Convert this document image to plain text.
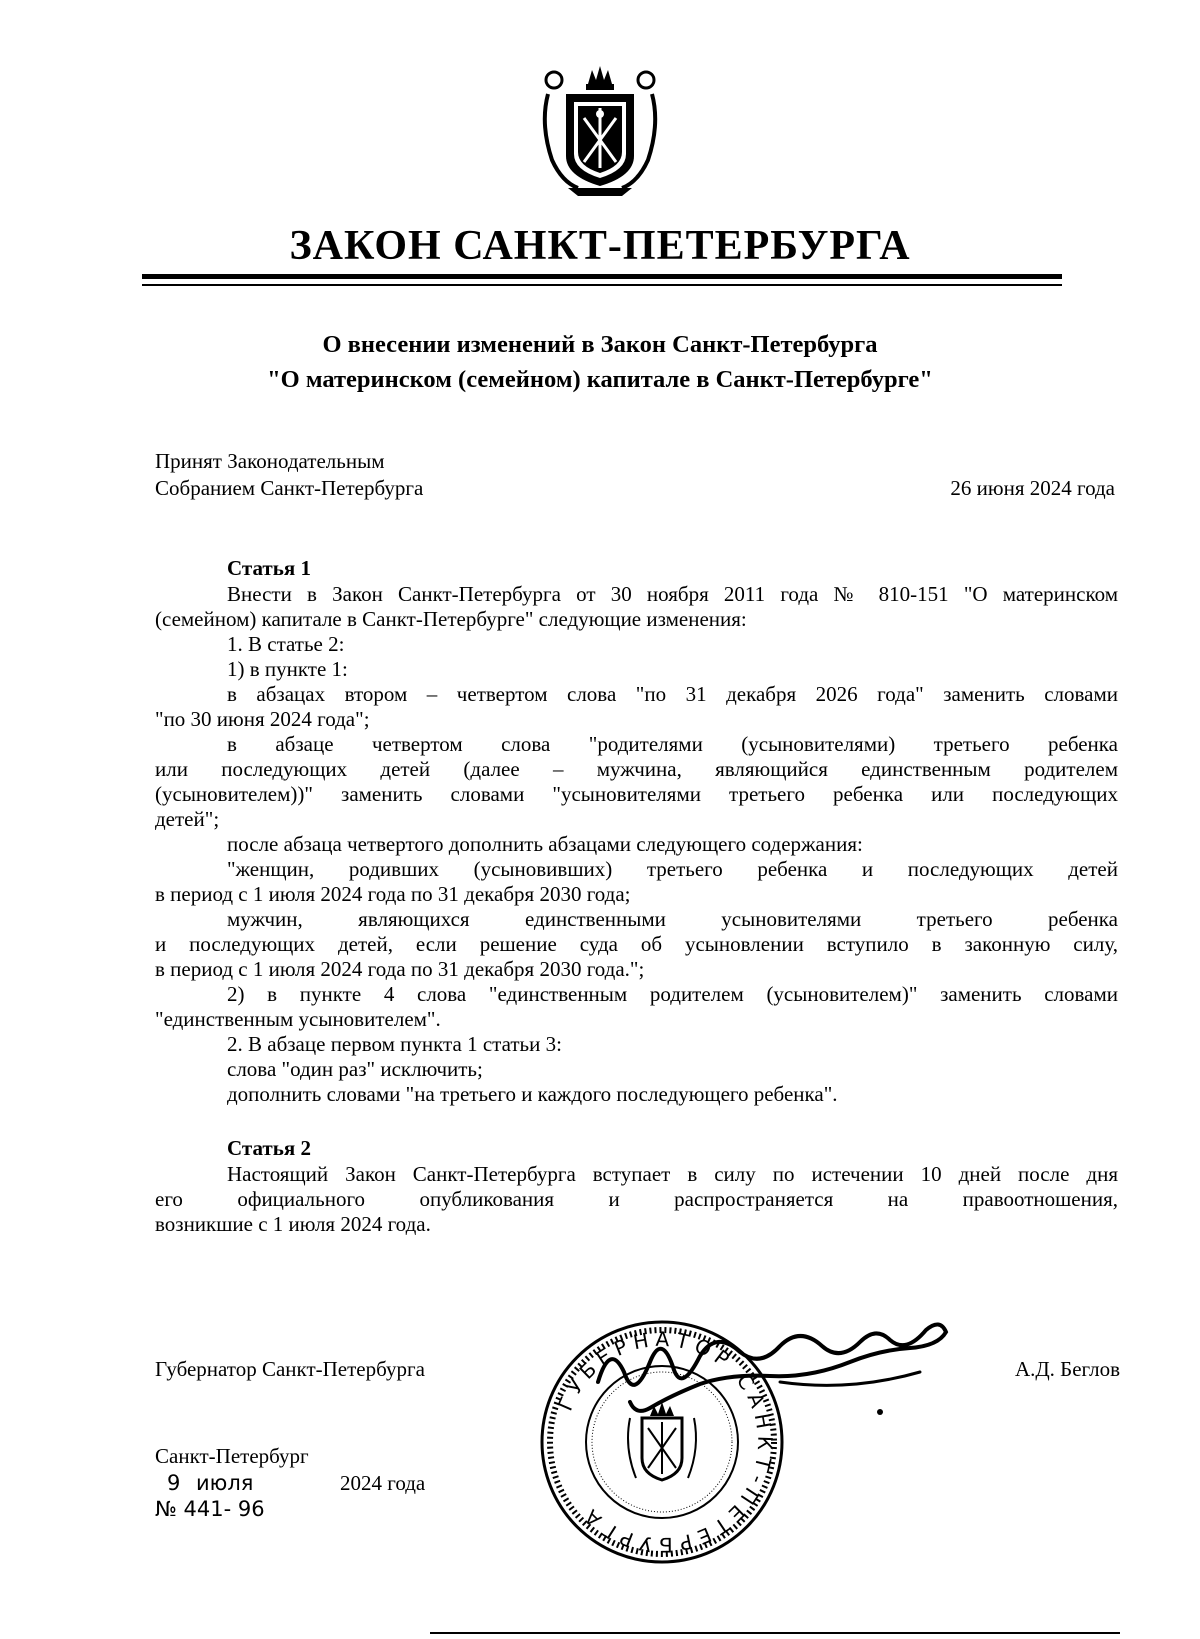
ЗАКОН САНКТ-ПЕТЕРБУРГА
О внесении изменений в Закон Санкт-Петербурга
"О материнском (семейном) капитале в Санкт-Петербурге"
Принят Законодательным
Собранием Санкт-Петербурга	26 июня 2024 года
Статья 1
Внести в Закон Санкт-Петербурга от 30 ноября 2011 года № 810-151 "О материнском
(семейном) капитале в Санкт-Петербурге" следующие изменения:
1. В статье 2:
1) в пункте 1:
в абзацах втором – четвертом слова "по 31 декабря 2026 года" заменить словами
"по 30 июня 2024 года";
в абзаце четвертом слова "родителями (усыновителями) третьего ребенка
или последующих детей (далее – мужчина, являющийся единственным родителем
(усыновителем))" заменить словами "усыновителями третьего ребенка или последующих
детей";
после абзаца четвертого дополнить абзацами следующего содержания:
"женщин, родивших (усыновивших) третьего ребенка и последующих детей
в период с 1 июля 2024 года по 31 декабря 2030 года;
мужчин, являющихся единственными усыновителями третьего ребенка
и последующих детей, если решение суда об усыновлении вступило в законную силу,
в период с 1 июля 2024 года по 31 декабря 2030 года.";
2) в пункте 4 слова "единственным родителем (усыновителем)" заменить словами
"единственным усыновителем".
2. В абзаце первом пункта 1 статьи 3:
слова "один раз" исключить;
дополнить словами "на третьего и каждого последующего ребенка".
Статья 2
Настоящий Закон Санкт-Петербурга вступает в силу по истечении 10 дней после дня
его официального опубликования и распространяется на правоотношения,
возникшие с 1 июля 2024 года.
Губернатор Санкт-Петербурга	А.Д. Беглов
ГУБЕРНАТОР САНКТ-ПЕТЕРБУРГА
Санкт-Петербург
9 июля	2024 года
№ 441- 96
